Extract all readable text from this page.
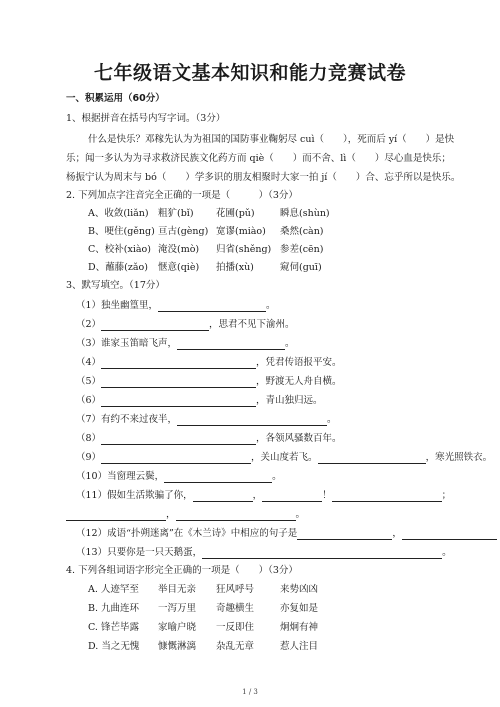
七年级语文基本知识和能力竞赛试卷
一、积累运用（60分）
1、根据拼音在括号内写字词。（3分）
什么是快乐？邓稼先认为为祖国的国防事业鞠躬尽 cuì（　　），死而后 yí（　　）是快
乐；闻一多认为为寻求救济民族文化药方而 qiè（　　）而不舍、lì（　　）尽心血是快乐；
杨振宁认为周末与 bó（　　）学多识的朋友相聚时大家一拍 jí（　　）合、忘乎所以是快乐。
2. 下列加点字注音完全正确的一项是（　　　）（3分）
A、收敛(liǎn) 粗犷(bǐ) 花圃(pǔ)	瞬息(shùn)
B、哽住(gěng) 亘古(gèng) 宽谬(miào) 桑然(càn)
C、校补(xiào) 淹没(mò) 归省(shěng) 参差(cēn)
D、蘸藤(zǎo) 惬意(qiè) 拍播(xù)	窥伺(guī)
3、默写填空。（17分）
（1）独坐幽篁里，	。
（2）	，思君不见下渝州。
（3）谁家玉笛暗飞声，	。
（4）	，凭君传语报平安。
（5）	，野渡无人舟自横。
（6）	，青山独归远。
（7）有约不来过夜半，	。
（8）	，各领风骚数百年。
（9）	，关山度若飞。	，寒光照铁衣。
（10）当窗理云鬓，	。
（11）假如生活欺骗了你，	，	！	；
，	。
（12）成语“扑朔迷离”在《木兰诗》中相应的句子是	，
（13）只要你是一只天鹅蛋，	。
4. 下列各组词语字形完全正确的一项是（　　）（3分）
A. 人迹罕至 举目无亲 狂风呼号	来势凶凶
B. 九曲连环 一泻万里 奇趣横生	亦复如是
C. 锋芒毕露 家喻户晓 一反即住	炯炯有神
D. 当之无愧 慷慨淋漓 杂乱无章	惹人注目
1 / 3
